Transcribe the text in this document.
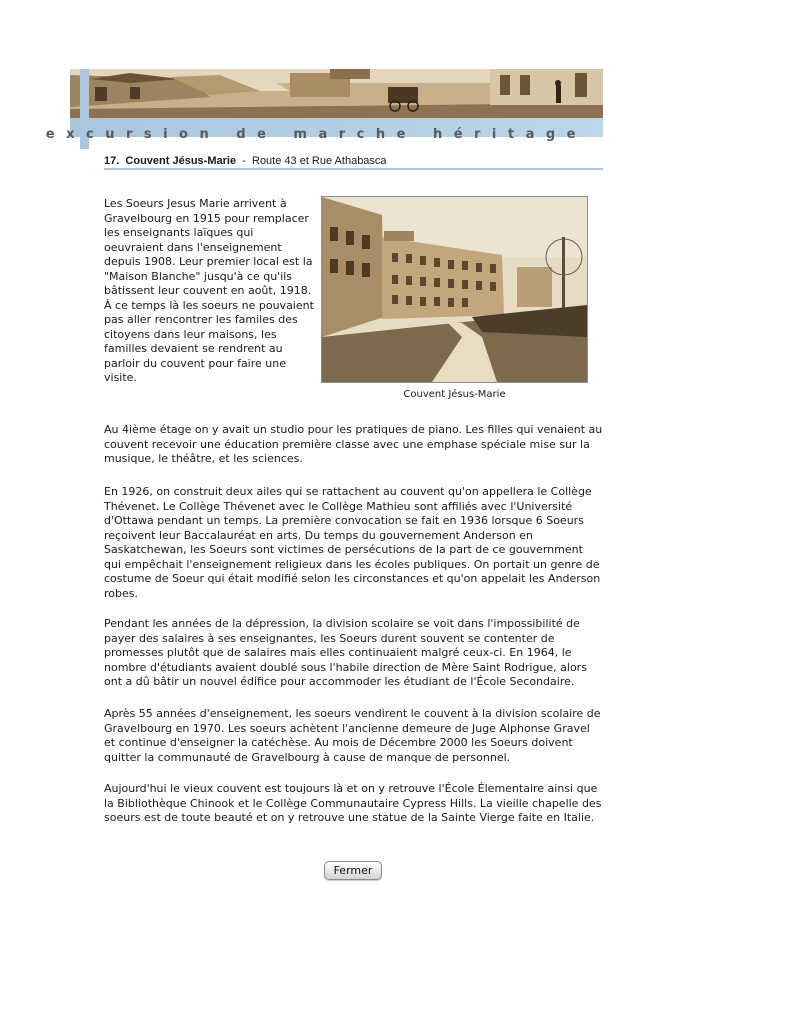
excursion de marche héritage
17. Couvent Jésus-Marie - Route 43 et Rue Athabasca

Les Soeurs Jesus Marie arrivent à Gravelbourg en 1915 pour remplacer les enseignants laïques qui oeuvraient dans l'enseignement depuis 1908. Leur premier local est la "Maison Blanche" jusqu'à ce qu'ils bâtissent leur couvent en août, 1918. À ce temps là les soeurs ne pouvaient pas aller rencontrer les familes des citoyens dans leur maisons, les familles devaient se rendrent au parloir du couvent pour faire une visite.

Couvent Jésus-Marie

Au 4ième étage on y avait un studio pour les pratiques de piano. Les filles qui venaient au couvent recevoir une éducation première classe avec une emphase spéciale mise sur la musique, le théâtre, et les sciences.

En 1926, on construit deux ailes qui se rattachent au couvent qu'on appellera le Collège Thévenet. Le Collège Thévenet avec le Collège Mathieu sont affiliés avec l'Université d'Ottawa pendant un temps. La première convocation se fait en 1936 lorsque 6 Soeurs reçoivent leur Baccalauréat en arts. Du temps du gouvernement Anderson en Saskatchewan, les Soeurs sont victimes de persécutions de la part de ce gouvernment qui empêchait l'enseignement religieux dans les écoles publiques. On portait un genre de costume de Soeur qui était modifié selon les circonstances et qu'on appelait les Anderson robes.

Pendant les années de la dépression, la division scolaire se voit dans l'impossibilité de payer des salaires à ses enseignantes, les Soeurs durent souvent se contenter de promesses plutôt que de salaires mais elles continuaient malgré ceux-ci. En 1964, le nombre d'étudiants avaient doublé sous l'habile direction de Mère Saint Rodrigue, alors ont a dû bâtir un nouvel édifice pour accommoder les étudiant de l'École Secondaire.

Après 55 années d'enseignement, les soeurs vendirent le couvent à la division scolaire de Gravelbourg en 1970. Les soeurs achètent l'ancienne demeure de Juge Alphonse Gravel et continue d'enseigner la catéchèse. Au mois de Décembre 2000 les Soeurs doivent quitter la communauté de Gravelbourg à cause de manque de personnel.

Aujourd'hui le vieux couvent est toujours là et on y retrouve l'École Élementaire ainsi que la Bibliothèque Chinook et le Collège Communautaire Cypress Hills. La vieille chapelle des soeurs est de toute beauté et on y retrouve une statue de la Sainte Vierge faite en Italie.

Fermer
